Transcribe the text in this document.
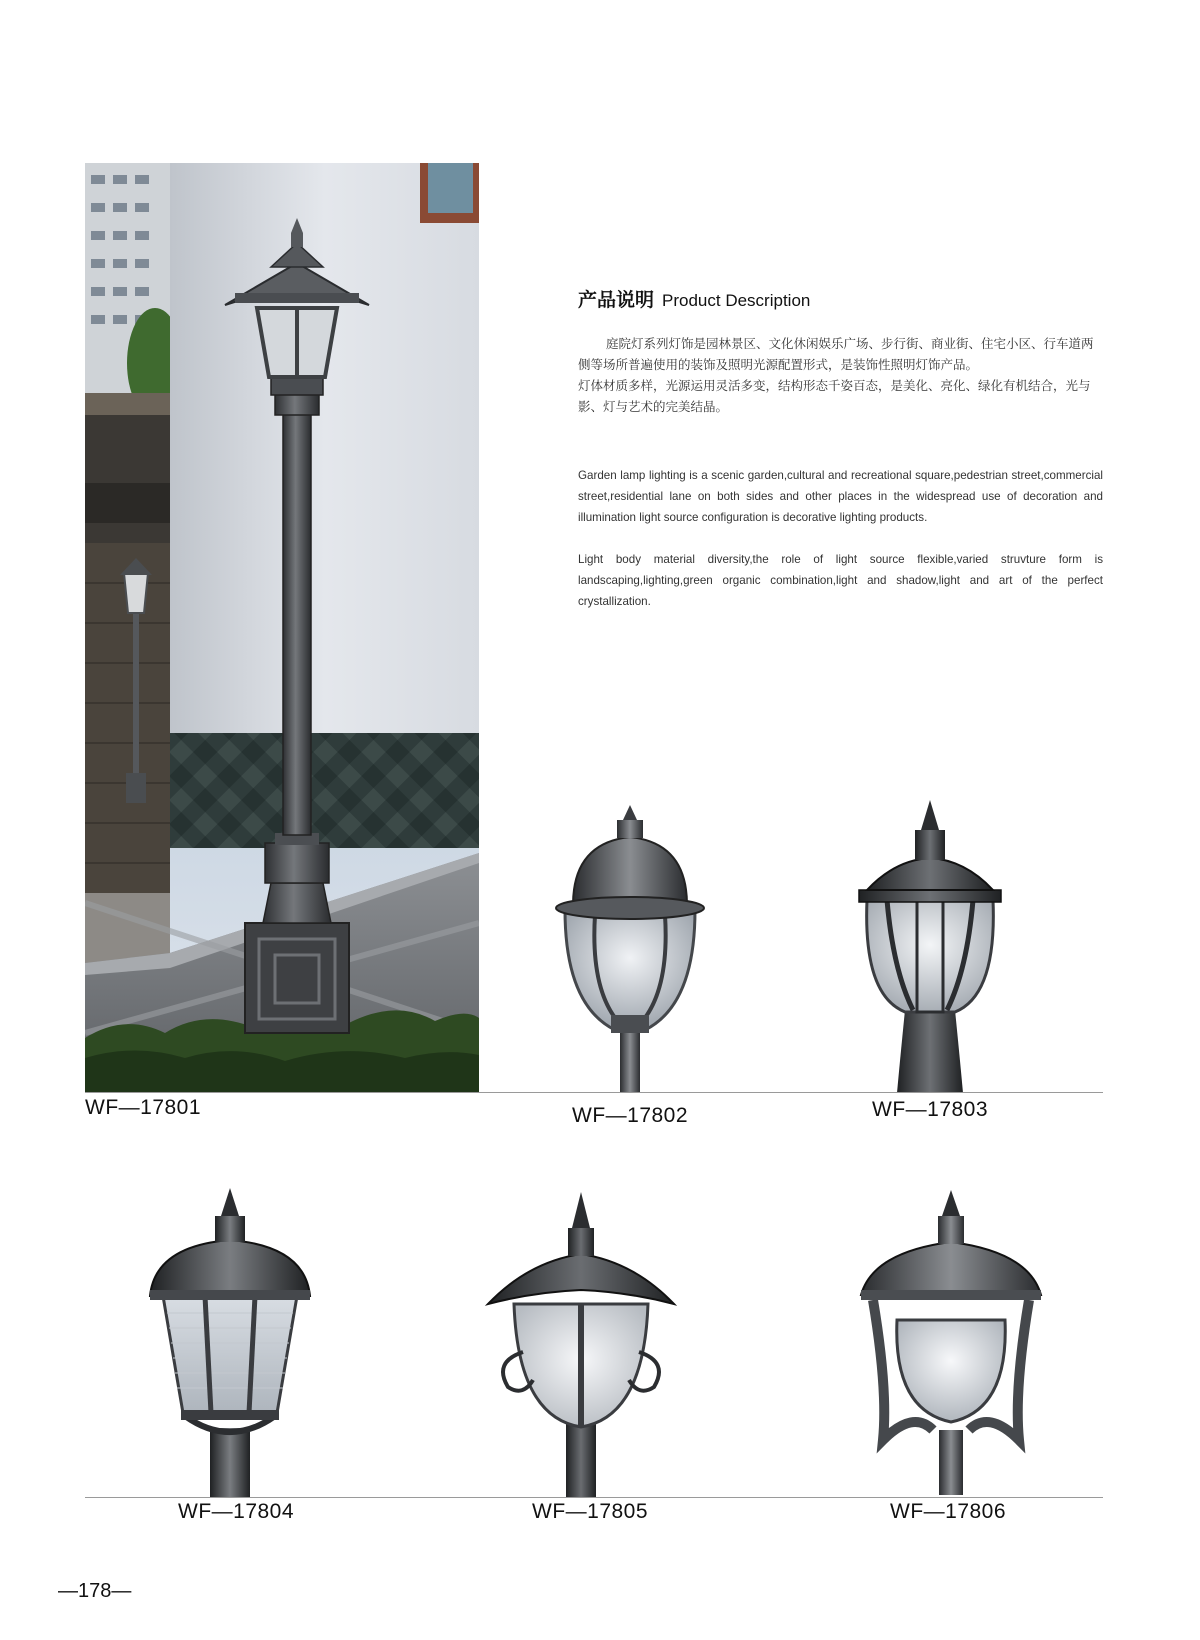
产品说明 Product Description
庭院灯系列灯饰是园林景区、文化休闲娱乐广场、步行街、商业街、住宅小区、行车道两侧等场所普遍使用的装饰及照明光源配置形式，是装饰性照明灯饰产品。
灯体材质多样，光源运用灵活多变，结构形态千姿百态，是美化、亮化、绿化有机结合，光与影、灯与艺术的完美结晶。
Garden lamp lighting is a scenic garden,cultural and recreational square,pedestrian street,commercial street,residential lane on both sides and other places in the widespread use of decoration and illumination light source configuration is decorative lighting products.
Light body material diversity,the role of light source flexible,varied struvture form is landscaping,lighting,green organic combination,light and shadow,light and art of the perfect crystallization.
WF—17801	WF—17802	WF—17803
WF—17804	WF—17805	WF—17806
—178—
